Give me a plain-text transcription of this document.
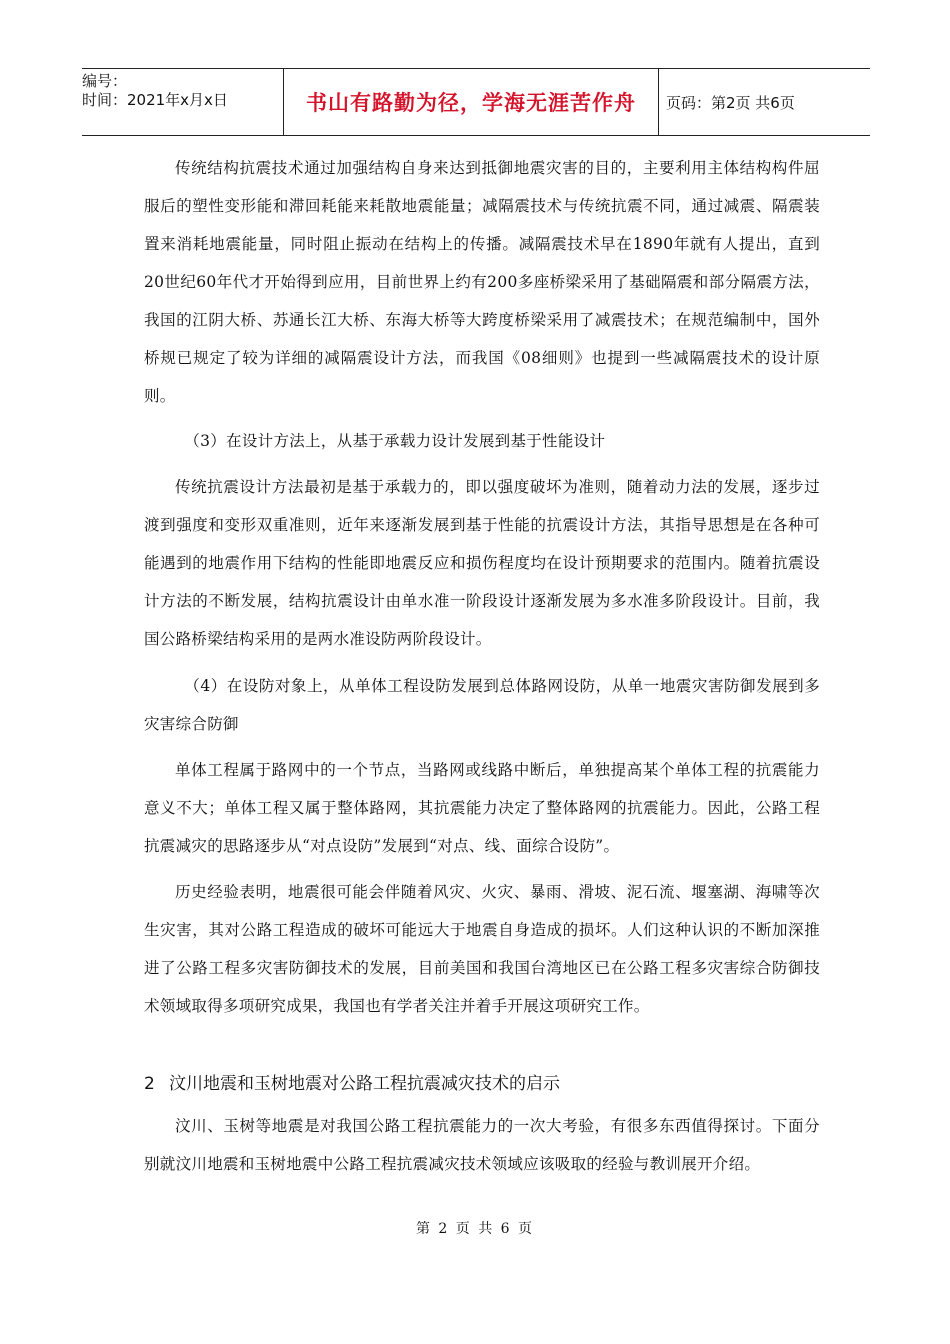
编号：
时间：2021年x月x日	书山有路勤为径，学海无涯苦作舟 页码：第2页 共6页

传统结构抗震技术通过加强结构自身来达到抵御地震灾害的目的，主要利用主体结构构件屈服后的塑性变形能和滞回耗能来耗散地震能量；减隔震技术与传统抗震不同，通过减震、隔震装置来消耗地震能量，同时阻止振动在结构上的传播。减隔震技术早在1890年就有人提出，直到20世纪60年代才开始得到应用，目前世界上约有200多座桥梁采用了基础隔震和部分隔震方法，我国的江阴大桥、苏通长江大桥、东海大桥等大跨度桥梁采用了减震技术；在规范编制中，国外桥规已规定了较为详细的减隔震设计方法，而我国《08细则》也提到一些减隔震技术的设计原则。

（3）在设计方法上，从基于承载力设计发展到基于性能设计

传统抗震设计方法最初是基于承载力的，即以强度破坏为准则，随着动力法的发展，逐步过渡到强度和变形双重准则，近年来逐渐发展到基于性能的抗震设计方法，其指导思想是在各种可能遇到的地震作用下结构的性能即地震反应和损伤程度均在设计预期要求的范围内。随着抗震设计方法的不断发展，结构抗震设计由单水准一阶段设计逐渐发展为多水准多阶段设计。目前，我国公路桥梁结构采用的是两水准设防两阶段设计。

（4）在设防对象上，从单体工程设防发展到总体路网设防，从单一地震灾害防御发展到多灾害综合防御

单体工程属于路网中的一个节点，当路网或线路中断后，单独提高某个单体工程的抗震能力意义不大；单体工程又属于整体路网，其抗震能力决定了整体路网的抗震能力。因此，公路工程抗震减灾的思路逐步从“对点设防”发展到“对点、线、面综合设防”。

历史经验表明，地震很可能会伴随着风灾、火灾、暴雨、滑坡、泥石流、堰塞湖、海啸等次生灾害，其对公路工程造成的破坏可能远大于地震自身造成的损坏。人们这种认识的不断加深推进了公路工程多灾害防御技术的发展，目前美国和我国台湾地区已在公路工程多灾害综合防御技术领域取得多项研究成果，我国也有学者关注并着手开展这项研究工作。

2 汶川地震和玉树地震对公路工程抗震减灾技术的启示

汶川、玉树等地震是对我国公路工程抗震能力的一次大考验，有很多东西值得探讨。下面分别就汶川地震和玉树地震中公路工程抗震减灾技术领域应该吸取的经验与教训展开介绍。

第 2 页 共 6 页
